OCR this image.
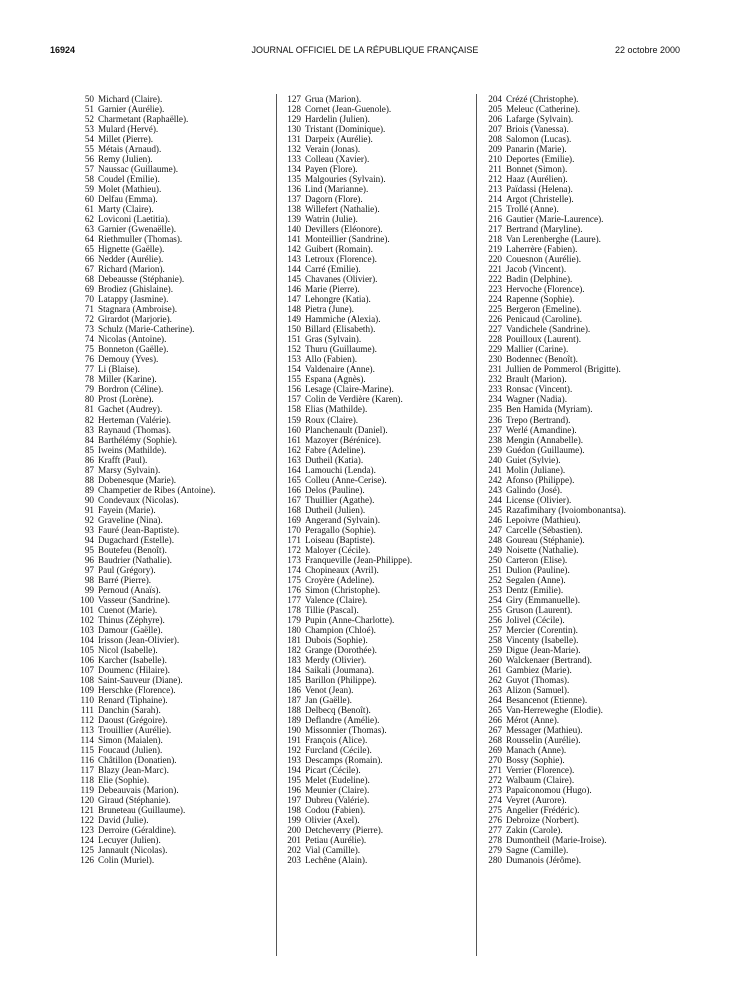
16924	JOURNAL OFFICIEL DE LA RÉPUBLIQUE FRANÇAISE	22 octobre 2000
50 Michard (Claire).
51 Garnier (Aurélie).
52 Charmetant (Raphaëlle).
53 Mulard (Hervé).
54 Millet (Pierre).
55 Métais (Arnaud).
56 Remy (Julien).
57 Naussac (Guillaume).
58 Coudel (Emilie).
59 Molet (Mathieu).
60 Delfau (Emma).
61 Marty (Claire).
62 Loviconi (Laetitia).
63 Garnier (Gwenaëlle).
64 Riethmuller (Thomas).
65 Hignette (Gaëlle).
66 Nedder (Aurélie).
67 Richard (Marion).
68 Debeausse (Stéphanie).
69 Brodiez (Ghislaine).
70 Latappy (Jasmine).
71 Stagnara (Ambroise).
72 Girardot (Marjorie).
73 Schulz (Marie-Catherine).
74 Nicolas (Antoine).
75 Bonneton (Gaëlle).
76 Demouy (Yves).
77 Li (Blaise).
78 Miller (Karine).
79 Bordron (Céline).
80 Prost (Lorène).
81 Gachet (Audrey).
82 Herteman (Valérie).
83 Raynaud (Thomas).
84 Barthélémy (Sophie).
85 Iweins (Mathilde).
86 Krafft (Paul).
87 Marsy (Sylvain).
88 Dobenesque (Marie).
89 Champetier de Ribes (Antoine).
90 Condevaux (Nicolas).
91 Fayein (Marie).
92 Graveline (Nina).
93 Fauré (Jean-Baptiste).
94 Dugachard (Estelle).
95 Boutefeu (Benoît).
96 Baudrier (Nathalie).
97 Paul (Grégory).
98 Barré (Pierre).
99 Pernoud (Anaïs).
100 Vasseur (Sandrine).
101 Cuenot (Marie).
102 Thinus (Zéphyre).
103 Damour (Gaëlle).
104 Irisson (Jean-Olivier).
105 Nicol (Isabelle).
106 Karcher (Isabelle).
107 Doumenc (Hilaire).
108 Saint-Sauveur (Diane).
109 Herschke (Florence).
110 Renard (Tiphaine).
111 Danchin (Sarah).
112 Daoust (Grégoire).
113 Trouillier (Aurélie).
114 Simon (Maialen).
115 Foucaud (Julien).
116 Châtillon (Donatien).
117 Blazy (Jean-Marc).
118 Elie (Sophie).
119 Debeauvais (Marion).
120 Giraud (Stéphanie).
121 Bruneteau (Guillaume).
122 David (Julie).
123 Derroire (Géraldine).
124 Lecuyer (Julien).
125 Jannault (Nicolas).
126 Colin (Muriel).
127 Grua (Marion).
128 Cornet (Jean-Guenole).
129 Hardelin (Julien).
130 Tristant (Dominique).
131 Darpeix (Aurélie).
132 Verain (Jonas).
133 Colleau (Xavier).
134 Payen (Flore).
135 Malgouries (Sylvain).
136 Lind (Marianne).
137 Dagorn (Flore).
138 Willefert (Nathalie).
139 Watrin (Julie).
140 Devillers (Eléonore).
141 Monteillier (Sandrine).
142 Guibert (Romain).
143 Letroux (Florence).
144 Carré (Emilie).
145 Chavanes (Olivier).
146 Marie (Pierre).
147 Lehongre (Katia).
148 Pietra (June).
149 Hammiche (Alexia).
150 Billard (Elisabeth).
151 Gras (Sylvain).
152 Thuru (Guillaume).
153 Allo (Fabien).
154 Valdenaire (Anne).
155 Espana (Agnès).
156 Lesage (Claire-Marine).
157 Colin de Verdière (Karen).
158 Elias (Mathilde).
159 Roux (Claire).
160 Planchenault (Daniel).
161 Mazoyer (Bérénice).
162 Fabre (Adeline).
163 Dutheil (Katia).
164 Lamouchi (Lenda).
165 Colleu (Anne-Cerise).
166 Delos (Pauline).
167 Thuillier (Agathe).
168 Dutheil (Julien).
169 Angerand (Sylvain).
170 Peragallo (Sophie).
171 Loiseau (Baptiste).
172 Maloyer (Cécile).
173 Franqueville (Jean-Philippe).
174 Chopineaux (Avril).
175 Croyère (Adeline).
176 Simon (Christophe).
177 Valence (Claire).
178 Tillie (Pascal).
179 Pupin (Anne-Charlotte).
180 Champion (Chloé).
181 Dubois (Sophie).
182 Grange (Dorothée).
183 Merdy (Olivier).
184 Saikali (Joumana).
185 Barillon (Philippe).
186 Venot (Jean).
187 Jan (Gaëlle).
188 Delbecq (Benoît).
189 Deflandre (Amélie).
190 Missonnier (Thomas).
191 François (Alice).
192 Furcland (Cécile).
193 Descamps (Romain).
194 Picart (Cécile).
195 Melet (Eudeline).
196 Meunier (Claire).
197 Dubreu (Valérie).
198 Codou (Fabien).
199 Olivier (Axel).
200 Detcheverry (Pierre).
201 Petiau (Aurélie).
202 Vial (Camille).
203 Lechêne (Alain).
204 Crézé (Christophe).
205 Meleuc (Catherine).
206 Lafarge (Sylvain).
207 Briois (Vanessa).
208 Salomon (Lucas).
209 Panarin (Marie).
210 Deportes (Emilie).
211 Bonnet (Simon).
212 Haaz (Aurélien).
213 Païdassi (Helena).
214 Argot (Christelle).
215 Trollé (Anne).
216 Gautier (Marie-Laurence).
217 Bertrand (Maryline).
218 Van Lerenberghe (Laure).
219 Laherrère (Fabien).
220 Couesnon (Aurélie).
221 Jacob (Vincent).
222 Badin (Delphine).
223 Hervoche (Florence).
224 Rapenne (Sophie).
225 Bergeron (Emeline).
226 Penicaud (Caroline).
227 Vandichele (Sandrine).
228 Pouilloux (Laurent).
229 Mallier (Carine).
230 Bodennec (Benoît).
231 Jullien de Pommerol (Brigitte).
232 Brault (Marion).
233 Ronsac (Vincent).
234 Wagner (Nadia).
235 Ben Hamida (Myriam).
236 Trepo (Bertrand).
237 Werlé (Amandine).
238 Mengin (Annabelle).
239 Guédon (Guillaume).
240 Guiet (Sylvie).
241 Molin (Juliane).
242 Afonso (Philippe).
243 Galindo (José).
244 License (Olivier).
245 Razafimihary (Ivoiombonantsa).
246 Lepoivre (Mathieu).
247 Carcelle (Sébastien).
248 Goureau (Stéphanie).
249 Noisette (Nathalie).
250 Carteron (Elise).
251 Dulion (Pauline).
252 Segalen (Anne).
253 Dentz (Emilie).
254 Giry (Emmanuelle).
255 Gruson (Laurent).
256 Jolivel (Cécile).
257 Mercier (Corentin).
258 Vincenty (Isabelle).
259 Digue (Jean-Marie).
260 Walckenaer (Bertrand).
261 Gambiez (Marie).
262 Guyot (Thomas).
263 Alizon (Samuel).
264 Besancenot (Etienne).
265 Van-Herreweghe (Elodie).
266 Mérot (Anne).
267 Messager (Mathieu).
268 Rousselin (Aurélie).
269 Manach (Anne).
270 Bossy (Sophie).
271 Verrier (Florence).
272 Walbaum (Claire).
273 Papaïconomou (Hugo).
274 Veyret (Aurore).
275 Angelier (Frédéric).
276 Debroize (Norbert).
277 Zakin (Carole).
278 Dumontheil (Marie-Iroise).
279 Sagne (Camille).
280 Dumanois (Jérôme).
